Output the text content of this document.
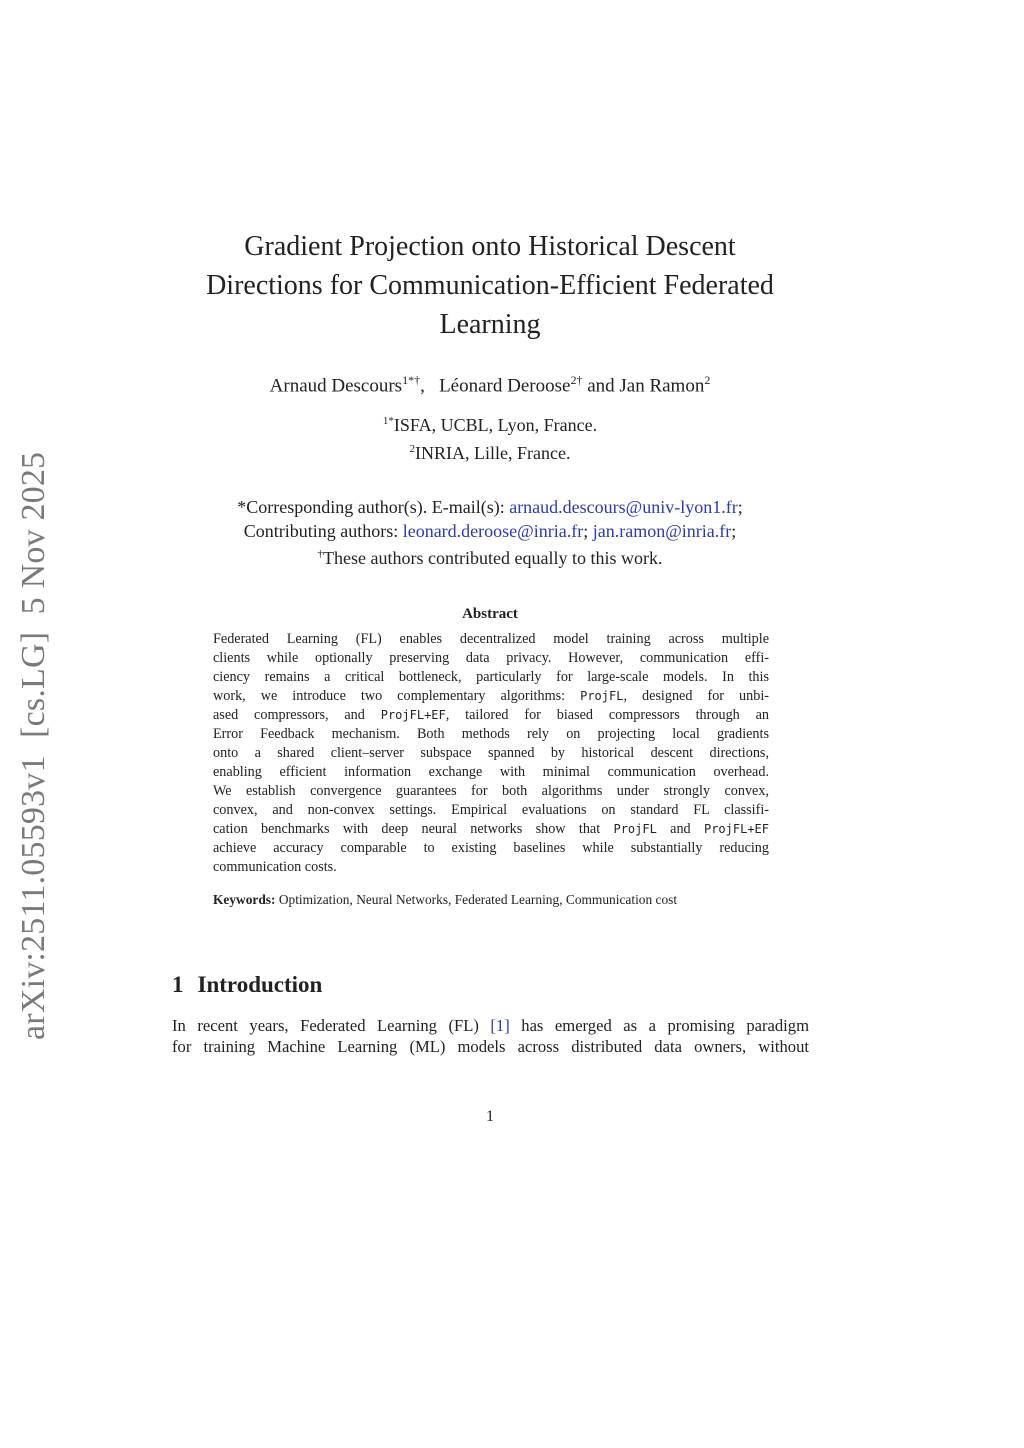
arXiv:2511.05593v1  [cs.LG]  5 Nov 2025
Gradient Projection onto Historical Descent
Directions for Communication-Efficient Federated
Learning
Arnaud Descours$^{1*\dagger}$,   Léonard Deroose$^{2\dagger}$ and Jan Ramon$^2$
$^{1*}$ISFA, UCBL, Lyon, France.
$^2$INRIA, Lille, France.
*Corresponding author(s). E-mail(s): arnaud.descours@univ-lyon1.fr;
Contributing authors: leonard.deroose@inria.fr; jan.ramon@inria.fr;
†These authors contributed equally to this work.
Abstract
Federated Learning (FL) enables decentralized model training across multiple
clients while optionally preserving data privacy. However, communication effi-
ciency remains a critical bottleneck, particularly for large-scale models. In this
work, we introduce two complementary algorithms: ProjFL, designed for unbi-
ased compressors, and ProjFL+EF, tailored for biased compressors through an
Error Feedback mechanism. Both methods rely on projecting local gradients
onto a shared client–server subspace spanned by historical descent directions,
enabling efficient information exchange with minimal communication overhead.
We establish convergence guarantees for both algorithms under strongly convex,
convex, and non-convex settings. Empirical evaluations on standard FL classifi-
cation benchmarks with deep neural networks show that ProjFL and ProjFL+EF
achieve accuracy comparable to existing baselines while substantially reducing
communication costs.
Keywords: Optimization, Neural Networks, Federated Learning, Communication cost
1 Introduction
In recent years, Federated Learning (FL) [1] has emerged as a promising paradigm
for training Machine Learning (ML) models across distributed data owners, without
1
